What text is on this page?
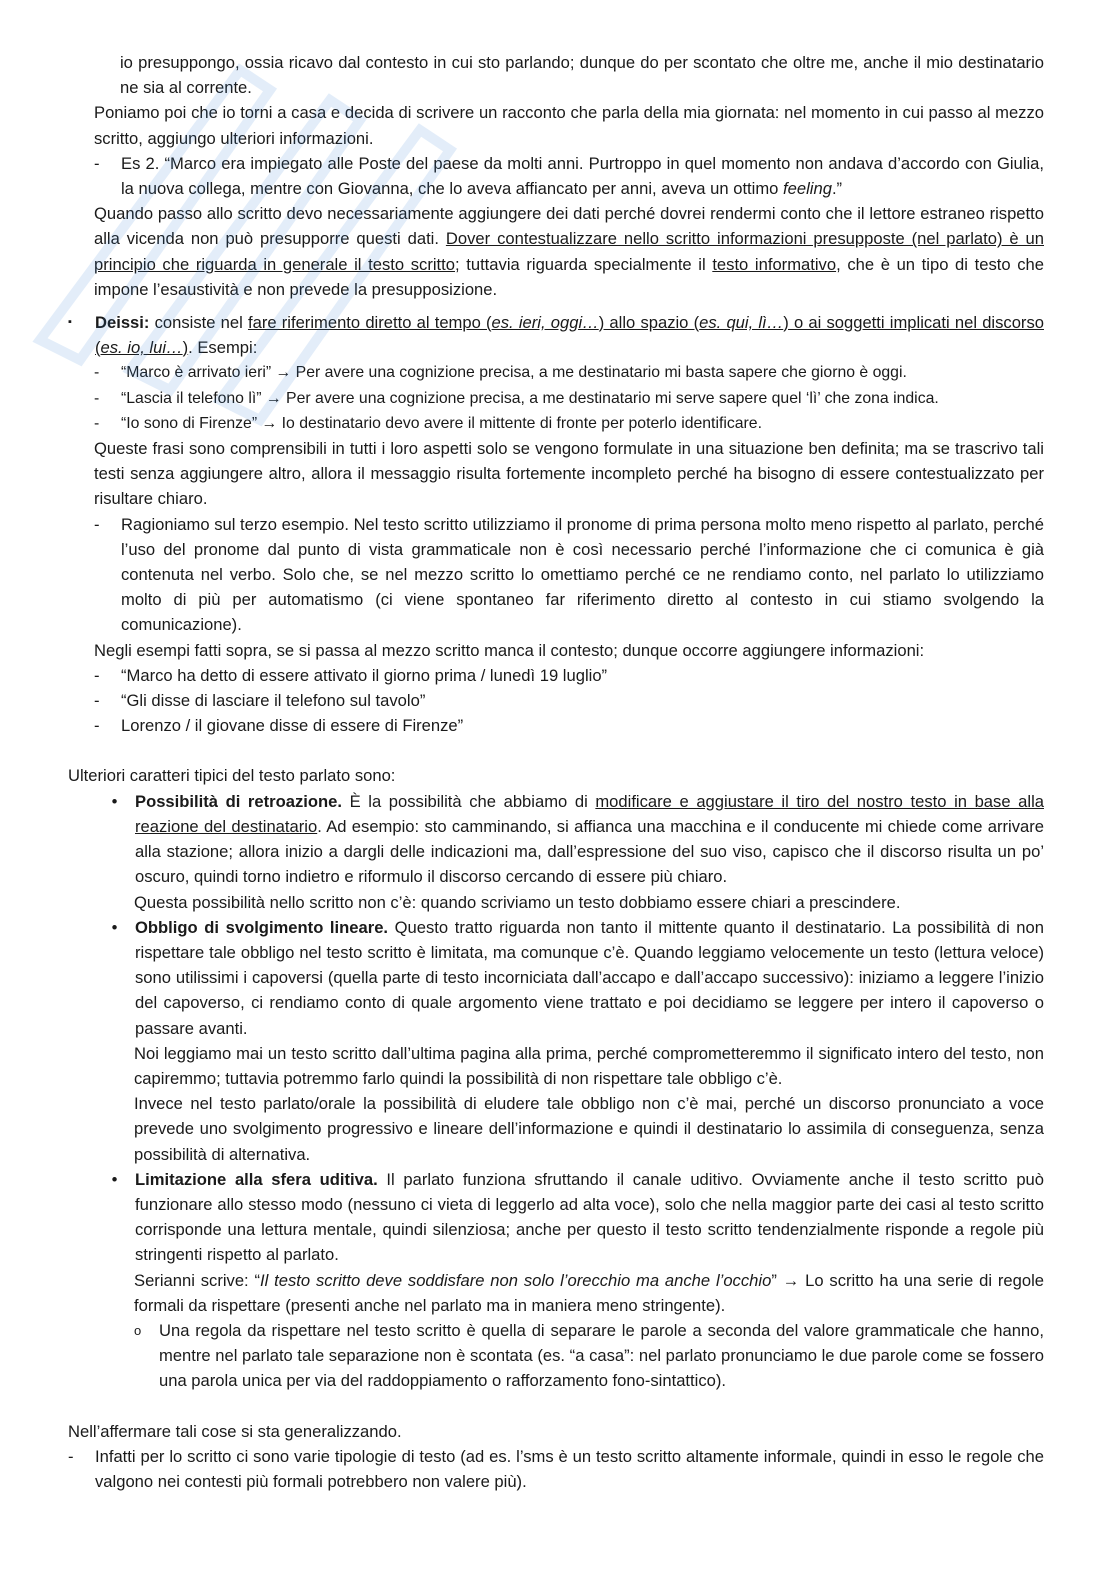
io presuppongo, ossia ricavo dal contesto in cui sto parlando; dunque do per scontato che oltre me, anche il mio destinatario ne sia al corrente.

Poniamo poi che io torni a casa e decida di scrivere un racconto che parla della mia giornata: nel momento in cui passo al mezzo scritto, aggiungo ulteriori informazioni.

-	Es 2. “Marco era impiegato alle Poste del paese da molti anni. Purtroppo in quel momento non andava d’accordo con Giulia, la nuova collega, mentre con Giovanna, che lo aveva affiancato per anni, aveva un ottimo feeling.”

Quando passo allo scritto devo necessariamente aggiungere dei dati perché dovrei rendermi conto che il lettore estraneo rispetto alla vicenda non può presupporre questi dati. Dover contestualizzare nello scritto informazioni presupposte (nel parlato) è un principio che riguarda in generale il testo scritto; tuttavia riguarda specialmente il testo informativo, che è un tipo di testo che impone l’esaustività e non prevede la presupposizione.

▪	Deissi: consiste nel fare riferimento diretto al tempo (es. ieri, oggi…) allo spazio (es. qui, lì…) o ai soggetti implicati nel discorso (es. io, lui…). Esempi:
-	“Marco è arrivato ieri” → Per avere una cognizione precisa, a me destinatario mi basta sapere che giorno è oggi.
-	“Lascia il telefono lì” → Per avere una cognizione precisa, a me destinatario mi serve sapere quel ‘lì’ che zona indica.
-	“Io sono di Firenze” → Io destinatario devo avere il mittente di fronte per poterlo identificare.

Queste frasi sono comprensibili in tutti i loro aspetti solo se vengono formulate in una situazione ben definita; ma se trascrivo tali testi senza aggiungere altro, allora il messaggio risulta fortemente incompleto perché ha bisogno di essere contestualizzato per risultare chiaro.

-	Ragioniamo sul terzo esempio. Nel testo scritto utilizziamo il pronome di prima persona molto meno rispetto al parlato, perché l’uso del pronome dal punto di vista grammaticale non è così necessario perché l’informazione che ci comunica è già contenuta nel verbo. Solo che, se nel mezzo scritto lo omettiamo perché ce ne rendiamo conto, nel parlato lo utilizziamo molto di più per automatismo (ci viene spontaneo far riferimento diretto al contesto in cui stiamo svolgendo la comunicazione).

Negli esempi fatti sopra, se si passa al mezzo scritto manca il contesto; dunque occorre aggiungere informazioni:

-	“Marco ha detto di essere attivato il giorno prima / lunedì 19 luglio”
-	“Gli disse di lasciare il telefono sul tavolo”
-	Lorenzo / il giovane disse di essere di Firenze”

Ulteriori caratteri tipici del testo parlato sono:

•	Possibilità di retroazione. È la possibilità che abbiamo di modificare e aggiustare il tiro del nostro testo in base alla reazione del destinatario. Ad esempio: sto camminando, si affianca una macchina e il conducente mi chiede come arrivare alla stazione; allora inizio a dargli delle indicazioni ma, dall’espressione del suo viso, capisco che il discorso risulta un po’ oscuro, quindi torno indietro e riformulo il discorso cercando di essere più chiaro.

Questa possibilità nello scritto non c’è: quando scriviamo un testo dobbiamo essere chiari a prescindere.

•	Obbligo di svolgimento lineare. Questo tratto riguarda non tanto il mittente quanto il destinatario. La possibilità di non rispettare tale obbligo nel testo scritto è limitata, ma comunque c’è. Quando leggiamo velocemente un testo (lettura veloce) sono utilissimi i capoversi (quella parte di testo incorniciata dall’accapo e dall’accapo successivo): iniziamo a leggere l’inizio del capoverso, ci rendiamo conto di quale argomento viene trattato e poi decidiamo se leggere per intero il capoverso o passare avanti.

Noi leggiamo mai un testo scritto dall’ultima pagina alla prima, perché comprometteremmo il significato intero del testo, non capiremmo; tuttavia potremmo farlo quindi la possibilità di non rispettare tale obbligo c’è.

Invece nel testo parlato/orale la possibilità di eludere tale obbligo non c’è mai, perché un discorso pronunciato a voce prevede uno svolgimento progressivo e lineare dell’informazione e quindi il destinatario lo assimila di conseguenza, senza possibilità di alternativa.

•	Limitazione alla sfera uditiva. Il parlato funziona sfruttando il canale uditivo. Ovviamente anche il testo scritto può funzionare allo stesso modo (nessuno ci vieta di leggerlo ad alta voce), solo che nella maggior parte dei casi al testo scritto corrisponde una lettura mentale, quindi silenziosa; anche per questo il testo scritto tendenzialmente risponde a regole più stringenti rispetto al parlato.

Serianni scrive: “Il testo scritto deve soddisfare non solo l’orecchio ma anche l’occhio” → Lo scritto ha una serie di regole formali da rispettare (presenti anche nel parlato ma in maniera meno stringente).

o	Una regola da rispettare nel testo scritto è quella di separare le parole a seconda del valore grammaticale che hanno, mentre nel parlato tale separazione non è scontata (es. “a casa”: nel parlato pronunciamo le due parole come se fossero una parola unica per via del raddoppiamento o rafforzamento fono-sintattico).

Nell’affermare tali cose si sta generalizzando.

-	Infatti per lo scritto ci sono varie tipologie di testo (ad es. l’sms è un testo scritto altamente informale, quindi in esso le regole che valgono nei contesti più formali potrebbero non valere più).
